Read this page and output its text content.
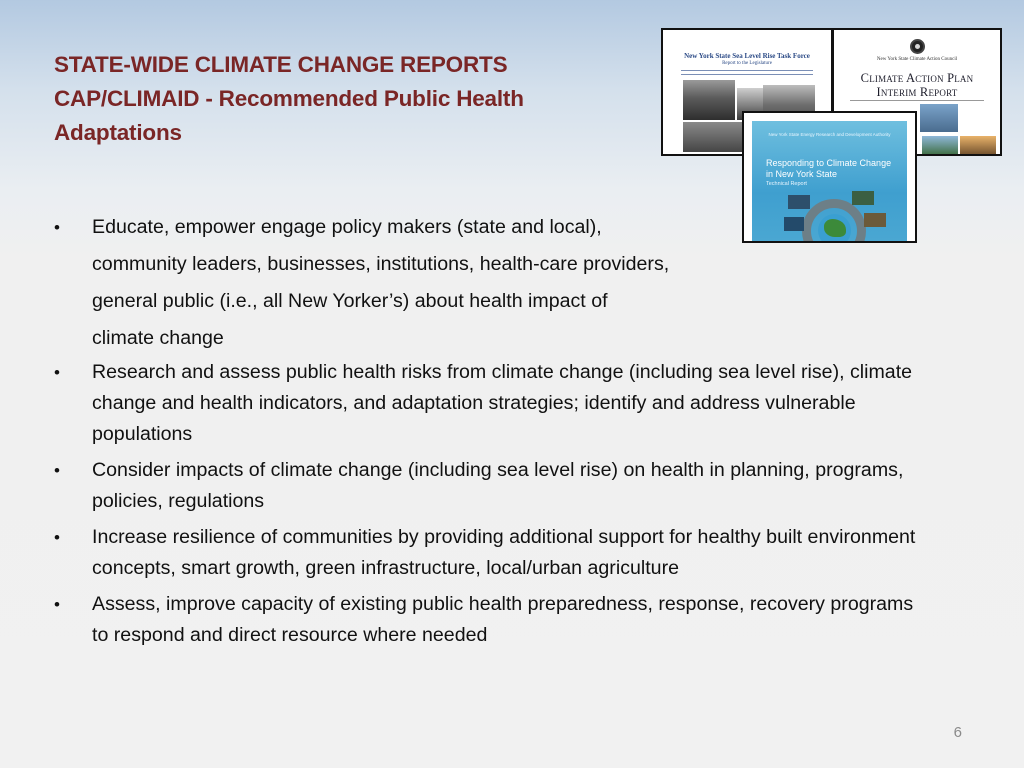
STATE-WIDE CLIMATE CHANGE REPORTS
CAP/CLIMAID - Recommended Public Health
Adaptations
New York State Sea Level Rise Task Force
Report to the Legislature
New York State Climate Action Council
Climate Action Plan
Interim Report
New York State Energy Research and Development Authority
Responding to Climate Change
in New York State
Technical Report
•	Educate, empower engage policy makers (state and local),
community leaders, businesses, institutions, health-care providers,
general public (i.e., all New Yorker’s) about health impact of
climate change
•	Research and assess public health risks from climate change (including sea level rise), climate change and health indicators, and adaptation strategies; identify and address vulnerable populations
•	Consider impacts of climate change (including sea level rise) on health in planning, programs, policies, regulations
•	Increase resilience of communities by providing additional support for healthy built environment concepts, smart growth, green infrastructure, local/urban agriculture
•	Assess, improve capacity of existing public health preparedness, response, recovery programs to respond and direct resource where needed
6
